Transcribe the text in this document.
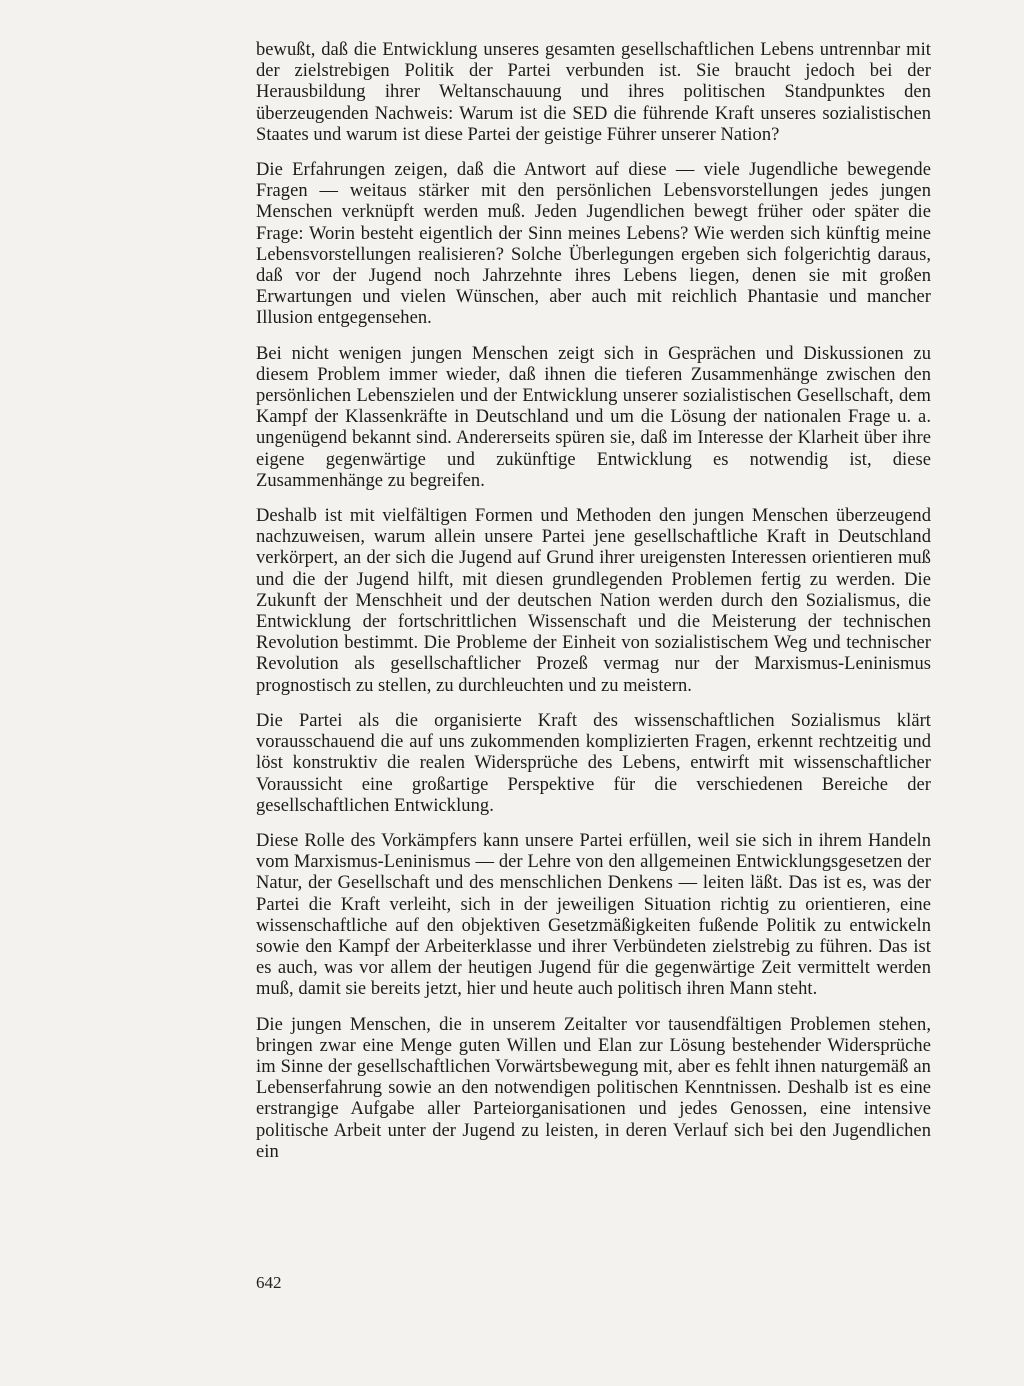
bewußt, daß die Entwicklung unseres gesamten gesellschaftlichen Lebens untrennbar mit der zielstrebigen Politik der Partei verbunden ist. Sie braucht jedoch bei der Herausbildung ihrer Weltanschauung und ihres politischen Standpunktes den überzeugenden Nachweis: Warum ist die SED die führende Kraft unseres sozialistischen Staates und warum ist diese Partei der geistige Führer unserer Nation?

Die Erfahrungen zeigen, daß die Antwort auf diese — viele Jugendliche bewegende Fragen — weitaus stärker mit den persönlichen Lebensvorstellungen jedes jungen Menschen verknüpft werden muß. Jeden Jugendlichen bewegt früher oder später die Frage: Worin besteht eigentlich der Sinn meines Lebens? Wie werden sich künftig meine Lebensvorstellungen realisieren? Solche Überlegungen ergeben sich folgerichtig daraus, daß vor der Jugend noch Jahrzehnte ihres Lebens liegen, denen sie mit großen Erwartungen und vielen Wünschen, aber auch mit reichlich Phantasie und mancher Illusion entgegensehen.

Bei nicht wenigen jungen Menschen zeigt sich in Gesprächen und Diskussionen zu diesem Problem immer wieder, daß ihnen die tieferen Zusammenhänge zwischen den persönlichen Lebenszielen und der Entwicklung unserer sozialistischen Gesellschaft, dem Kampf der Klassenkräfte in Deutschland und um die Lösung der nationalen Frage u. a. ungenügend bekannt sind. Andererseits spüren sie, daß im Interesse der Klarheit über ihre eigene gegenwärtige und zukünftige Entwicklung es notwendig ist, diese Zusammenhänge zu begreifen.

Deshalb ist mit vielfältigen Formen und Methoden den jungen Menschen überzeugend nachzuweisen, warum allein unsere Partei jene gesellschaftliche Kraft in Deutschland verkörpert, an der sich die Jugend auf Grund ihrer ureigensten Interessen orientieren muß und die der Jugend hilft, mit diesen grundlegenden Problemen fertig zu werden. Die Zukunft der Menschheit und der deutschen Nation werden durch den Sozialismus, die Entwicklung der fortschrittlichen Wissenschaft und die Meisterung der technischen Revolution bestimmt. Die Probleme der Einheit von sozialistischem Weg und technischer Revolution als gesellschaftlicher Prozeß vermag nur der Marxismus-Leninismus prognostisch zu stellen, zu durchleuchten und zu meistern.

Die Partei als die organisierte Kraft des wissenschaftlichen Sozialismus klärt vorausschauend die auf uns zukommenden komplizierten Fragen, erkennt rechtzeitig und löst konstruktiv die realen Widersprüche des Lebens, entwirft mit wissenschaftlicher Voraussicht eine großartige Perspektive für die verschiedenen Bereiche der gesellschaftlichen Entwicklung.

Diese Rolle des Vorkämpfers kann unsere Partei erfüllen, weil sie sich in ihrem Handeln vom Marxismus-Leninismus — der Lehre von den allgemeinen Entwicklungsgesetzen der Natur, der Gesellschaft und des menschlichen Denkens — leiten läßt. Das ist es, was der Partei die Kraft verleiht, sich in der jeweiligen Situation richtig zu orientieren, eine wissenschaftliche auf den objektiven Gesetzmäßigkeiten fußende Politik zu entwickeln sowie den Kampf der Arbeiterklasse und ihrer Verbündeten zielstrebig zu führen. Das ist es auch, was vor allem der heutigen Jugend für die gegenwärtige Zeit vermittelt werden muß, damit sie bereits jetzt, hier und heute auch politisch ihren Mann steht.

Die jungen Menschen, die in unserem Zeitalter vor tausendfältigen Problemen stehen, bringen zwar eine Menge guten Willen und Elan zur Lösung bestehender Widersprüche im Sinne der gesellschaftlichen Vorwärtsbewegung mit, aber es fehlt ihnen naturgemäß an Lebenserfahrung sowie an den notwendigen politischen Kenntnissen. Deshalb ist es eine erstrangige Aufgabe aller Parteiorganisationen und jedes Genossen, eine intensive politische Arbeit unter der Jugend zu leisten, in deren Verlauf sich bei den Jugendlichen ein

642
